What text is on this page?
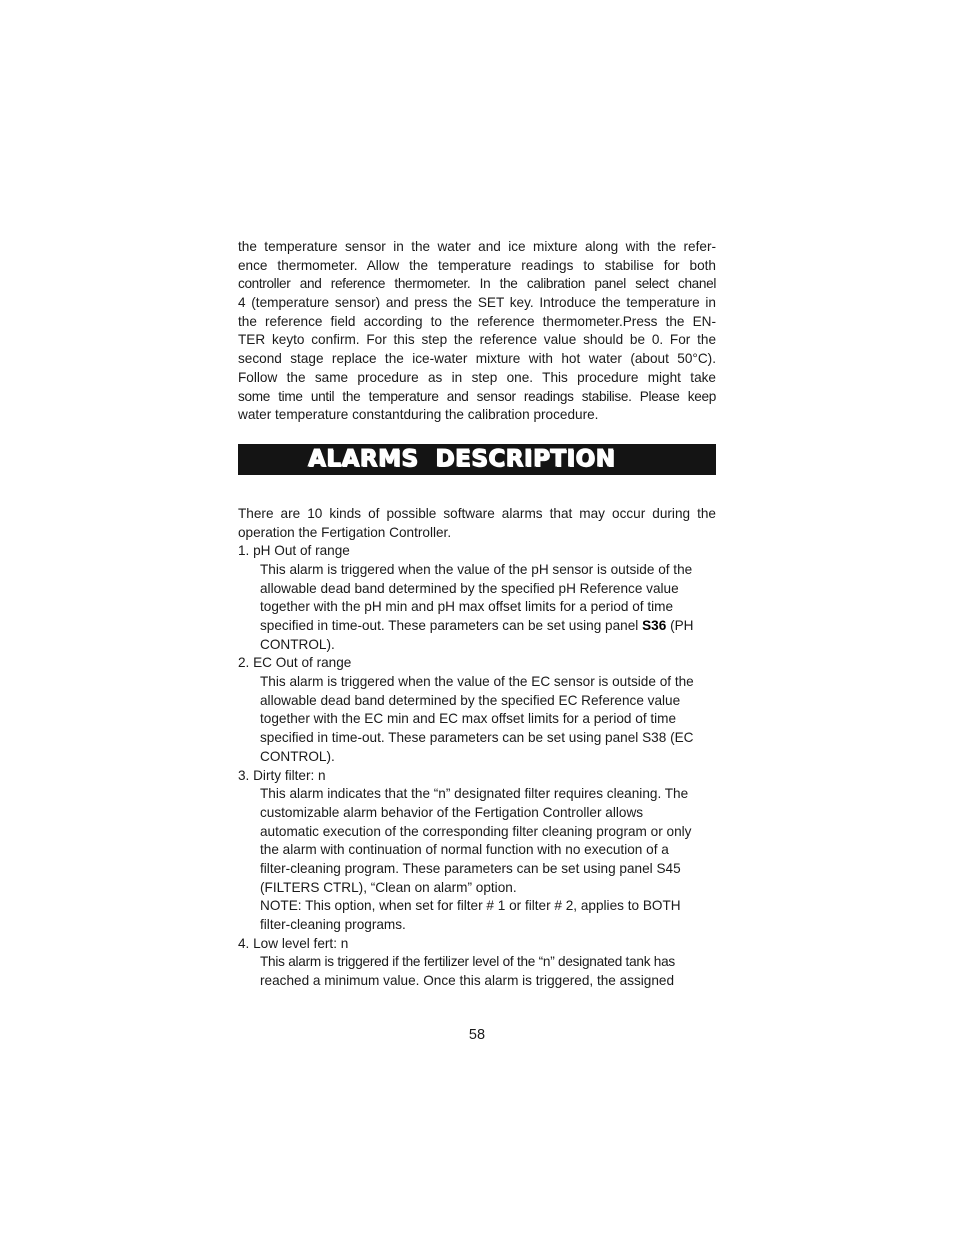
the temperature sensor in the water and ice mixture along with the refer-
ence thermometer. Allow the temperature readings to stabilise for both
controller and reference thermometer. In the calibration panel select chanel
4 (temperature sensor) and press the SET key. Introduce the temperature in
the reference field according to the reference thermometer.Press the EN-
TER keyto confirm. For this step the reference value should be 0. For the
second stage replace the ice-water mixture with hot water (about 50°C).
Follow the same procedure as in step one. This procedure might take
some time until the temperature and sensor readings stabilise. Please keep
water temperature constantduring the calibration procedure.
ALARMS  DESCRIPTION
There are 10 kinds of possible software alarms that may occur during the
operation the Fertigation Controller.
1. pH Out of range
This alarm is triggered when the value of the pH sensor is outside of the
allowable dead band determined by the specified pH Reference value
together with the pH min and pH max offset limits for a period of time
specified in time-out. These parameters can be set using panel S36 (PH
CONTROL).
2. EC Out of range
This alarm is triggered when the value of the EC sensor is outside of the
allowable dead band determined by the specified EC Reference value
together with the EC min and EC max offset limits for a period of time
specified in time-out. These parameters can be set using panel S38 (EC
CONTROL).
3. Dirty filter: n
This alarm indicates that the “n” designated filter requires cleaning. The
customizable alarm behavior of the Fertigation Controller allows
automatic execution of the corresponding filter cleaning program or only
the alarm with continuation of normal function with no execution of a
filter-cleaning program. These parameters can be set using panel S45
(FILTERS CTRL), “Clean on alarm” option.
NOTE: This option, when set for filter # 1 or filter # 2, applies to BOTH
filter-cleaning programs.
4. Low level fert: n
This alarm is triggered if the fertilizer level of the “n” designated tank has
reached a minimum value. Once this alarm is triggered, the assigned
58
